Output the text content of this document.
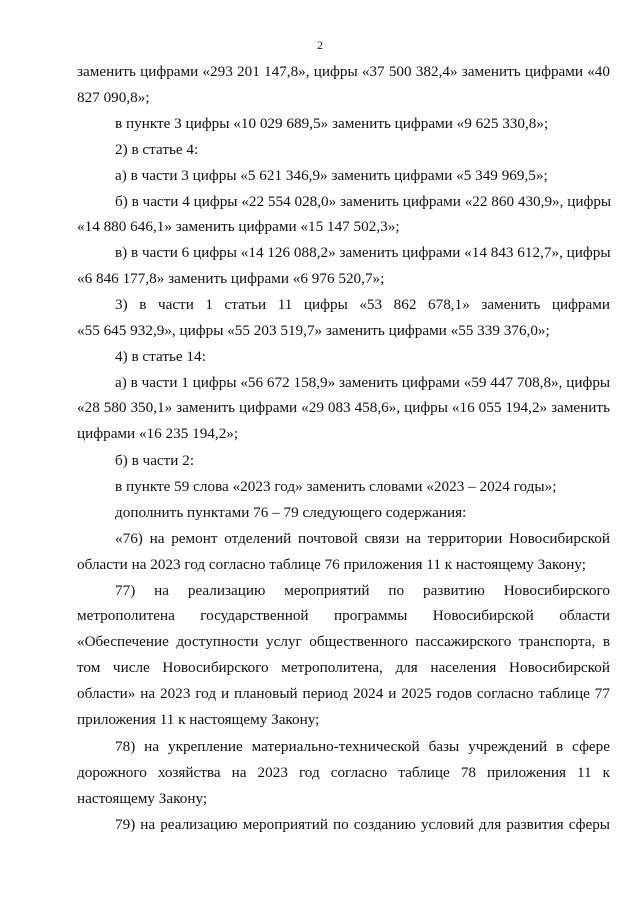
2
заменить цифрами «293 201 147,8», цифры «37 500 382,4» заменить цифрами «40
827 090,8»;
в пункте 3 цифры «10 029 689,5» заменить цифрами «9 625 330,8»;
2) в статье 4:
а) в части 3 цифры «5 621 346,9» заменить цифрами «5 349 969,5»;
б) в части 4 цифры «22 554 028,0» заменить цифрами «22 860 430,9», цифры
«14 880 646,1» заменить цифрами «15 147 502,3»;
в) в части 6 цифры «14 126 088,2» заменить цифрами «14 843 612,7», цифры
«6 846 177,8» заменить цифрами «6 976 520,7»;
3) в части 1 статьи 11 цифры «53 862 678,1» заменить цифрами
«55 645 932,9», цифры «55 203 519,7» заменить цифрами «55 339 376,0»;
4) в статье 14:
а) в части 1 цифры «56 672 158,9» заменить цифрами «59 447 708,8», цифры
«28 580 350,1» заменить цифрами «29 083 458,6», цифры «16 055 194,2» заменить
цифрами «16 235 194,2»;
б) в части 2:
в пункте 59 слова «2023 год» заменить словами «2023 – 2024 годы»;
дополнить пунктами 76 – 79 следующего содержания:
«76) на ремонт отделений почтовой связи на территории Новосибирской
области на 2023 год согласно таблице 76 приложения 11 к настоящему Закону;
77) на реализацию мероприятий по развитию Новосибирского
метрополитена государственной программы Новосибирской области
«Обеспечение доступности услуг общественного пассажирского транспорта, в
том числе Новосибирского метрополитена, для населения Новосибирской
области» на 2023 год и плановый период 2024 и 2025 годов согласно таблице 77
приложения 11 к настоящему Закону;
78) на укрепление материально-технической базы учреждений в сфере
дорожного хозяйства на 2023 год согласно таблице 78 приложения 11 к
настоящему Закону;
79) на реализацию мероприятий по созданию условий для развития сферы
